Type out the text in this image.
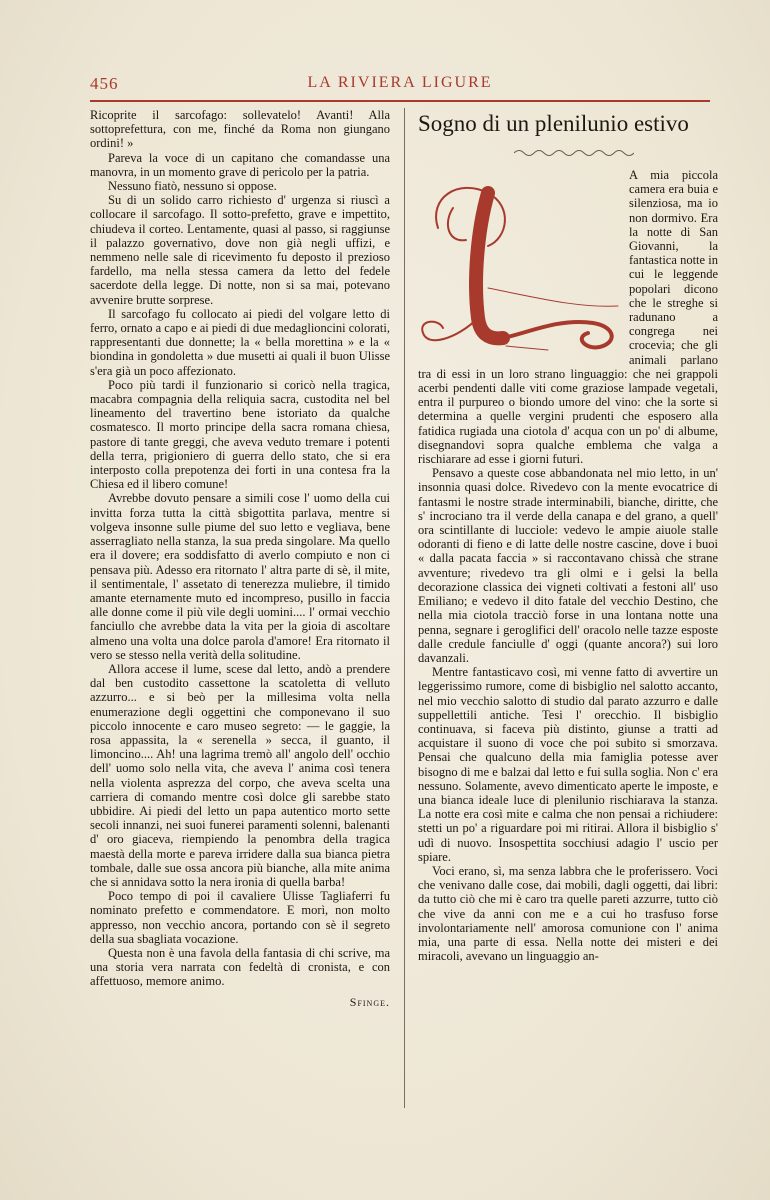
456	LA RIVIERA LIGURE

Ricoprite il sarcofago: sollevatelo! Avanti! Alla sottoprefettura, con me, finché da Roma non giungano ordini! »

Pareva la voce di un capitano che comandasse una manovra, in un momento grave di pericolo per la patria.

Nessuno fiatò, nessuno si oppose.

Su di un solido carro richiesto d' urgenza si riuscì a collocare il sarcofago. Il sotto-prefetto, grave e impettito, chiudeva il corteo. Lentamente, quasi al passo, si raggiunse il palazzo governativo, dove non già negli uffizi, e nemmeno nelle sale di ricevimento fu deposto il prezioso fardello, ma nella stessa camera da letto del fedele sacerdote della legge. Di notte, non si sa mai, potevano avvenire brutte sorprese.

Il sarcofago fu collocato ai piedi del volgare letto di ferro, ornato a capo e ai piedi di due medaglioncini colorati, rappresentanti due donnette; la « bella morettina » e la « biondina in gondoletta » due musetti ai quali il buon Ulisse s'era già un poco affezionato.

Poco più tardi il funzionario si coricò nella tragica, macabra compagnia della reliquia sacra, custodita nel bel lineamento del travertino bene istoriato da qualche cosmatesco. Il morto principe della sacra romana chiesa, pastore di tante greggi, che aveva veduto tremare i potenti della terra, prigioniero di guerra dello stato, che si era interposto colla prepotenza dei forti in una contesa fra la Chiesa ed il libero comune!

Avrebbe dovuto pensare a simili cose l' uomo della cui invitta forza tutta la città sbigottita parlava, mentre si volgeva insonne sulle piume del suo letto e vegliava, bene asserragliato nella stanza, la sua preda singolare. Ma quello era il dovere; era soddisfatto di averlo compiuto e non ci pensava più. Adesso era ritornato l' altra parte di sè, il mite, il sentimentale, l' assetato di tenerezza muliebre, il timido amante eternamente muto ed incompreso, pusillo in faccia alle donne come il più vile degli uomini.... l' ormai vecchio fanciullo che avrebbe data la vita per la gioia di ascoltare almeno una volta una dolce parola d'amore! Era ritornato il vero se stesso nella verità della solitudine.

Allora accese il lume, scese dal letto, andò a prendere dal ben custodito cassettone la scatoletta di velluto azzurro... e si beò per la millesima volta nella enumerazione degli oggettini che componevano il suo piccolo innocente e caro museo segreto: — le gaggie, la rosa appassita, la « serenella » secca, il guanto, il limoncino.... Ah! una lagrima tremò all' angolo dell' occhio dell' uomo solo nella vita, che aveva l' anima così tenera nella violenta asprezza del corpo, che aveva scelta una carriera di comando mentre così dolce gli sarebbe stato ubbidire. Ai piedi del letto un papa autentico morto sette secoli innanzi, nei suoi funerei paramenti solenni, balenanti d' oro giaceva, riempiendo la penombra della tragica maestà della morte e pareva irridere dalla sua bianca pietra tombale, dalle sue ossa ancora più bianche, alla mite anima che si annidava sotto la nera ironia di quella barba!

Poco tempo di poi il cavaliere Ulisse Tagliaferri fu nominato prefetto e commendatore. E morì, non molto appresso, non vecchio ancora, portando con sè il segreto della sua sbagliata vocazione.

Questa non è una favola della fantasia di chi scrive, ma una storia vera narrata con fedeltà di cronista, e con affettuoso, memore animo.

Sfinge.
Sogno di un plenilunio estivo

A mia piccola camera era buia e silenziosa, ma io non dormivo. Era la notte di San Giovanni, la fantastica notte in cui le leggende popolari dicono che le streghe si radunano a congrega nei crocevia; che gli animali parlano tra di essi in un loro strano linguaggio: che nei grappoli acerbi pendenti dalle viti come graziose lampade vegetali, entra il purpureo o biondo umore del vino: che la sorte si determina a quelle vergini prudenti che esposero alla fatidica rugiada una ciotola d' acqua con un po' di albume, disegnandovi sopra qualche emblema che valga a rischiarare ad esse i giorni futuri.

Pensavo a queste cose abbandonata nel mio letto, in un' insonnia quasi dolce. Rivedevo con la mente evocatrice di fantasmi le nostre strade interminabili, bianche, diritte, che s' incrociano tra il verde della canapa e del grano, a quell' ora scintillante di lucciole: vedevo le ampie aiuole stalle odoranti di fieno e di latte delle nostre cascine, dove i buoi « dalla pacata faccia » si raccontavano chissà che strane avventure; rivedevo tra gli olmi e i gelsi la bella decorazione classica dei vigneti coltivati a festoni all' uso Emiliano; e vedevo il dito fatale del vecchio Destino, che nella mia ciotola tracciò forse in una lontana notte una penna, segnare i geroglifici dell' oracolo nelle tazze esposte dalle credule fanciulle d' oggi (quante ancora?) sui loro davanzali.

Mentre fantasticavo così, mi venne fatto di avvertire un leggerissimo rumore, come di bisbiglio nel salotto accanto, nel mio vecchio salotto di studio dal parato azzurro e dalle suppellettili antiche. Tesi l' orecchio. Il bisbiglio continuava, si faceva più distinto, giunse a tratti ad acquistare il suono di voce che poi subito si smorzava. Pensai che qualcuno della mia famiglia potesse aver bisogno di me e balzai dal letto e fui sulla soglia. Non c' era nessuno. Solamente, avevo dimenticato aperte le imposte, e una bianca ideale luce di plenilunio rischiarava la stanza. La notte era così mite e calma che non pensai a richiudere: stetti un po' a riguardare poi mi ritirai. Allora il bisbiglio s' udì di nuovo. Insospettita socchiusi adagio l' uscio per spiare.

Voci erano, sì, ma senza labbra che le proferissero. Voci che venivano dalle cose, dai mobili, dagli oggetti, dai libri: da tutto ciò che mi è caro tra quelle pareti azzurre, tutto ciò che vive da anni con me e a cui ho trasfuso forse involontariamente nell' amorosa comunione con l' anima mia, una parte di essa. Nella notte dei misteri e dei miracoli, avevano un linguaggio an-
